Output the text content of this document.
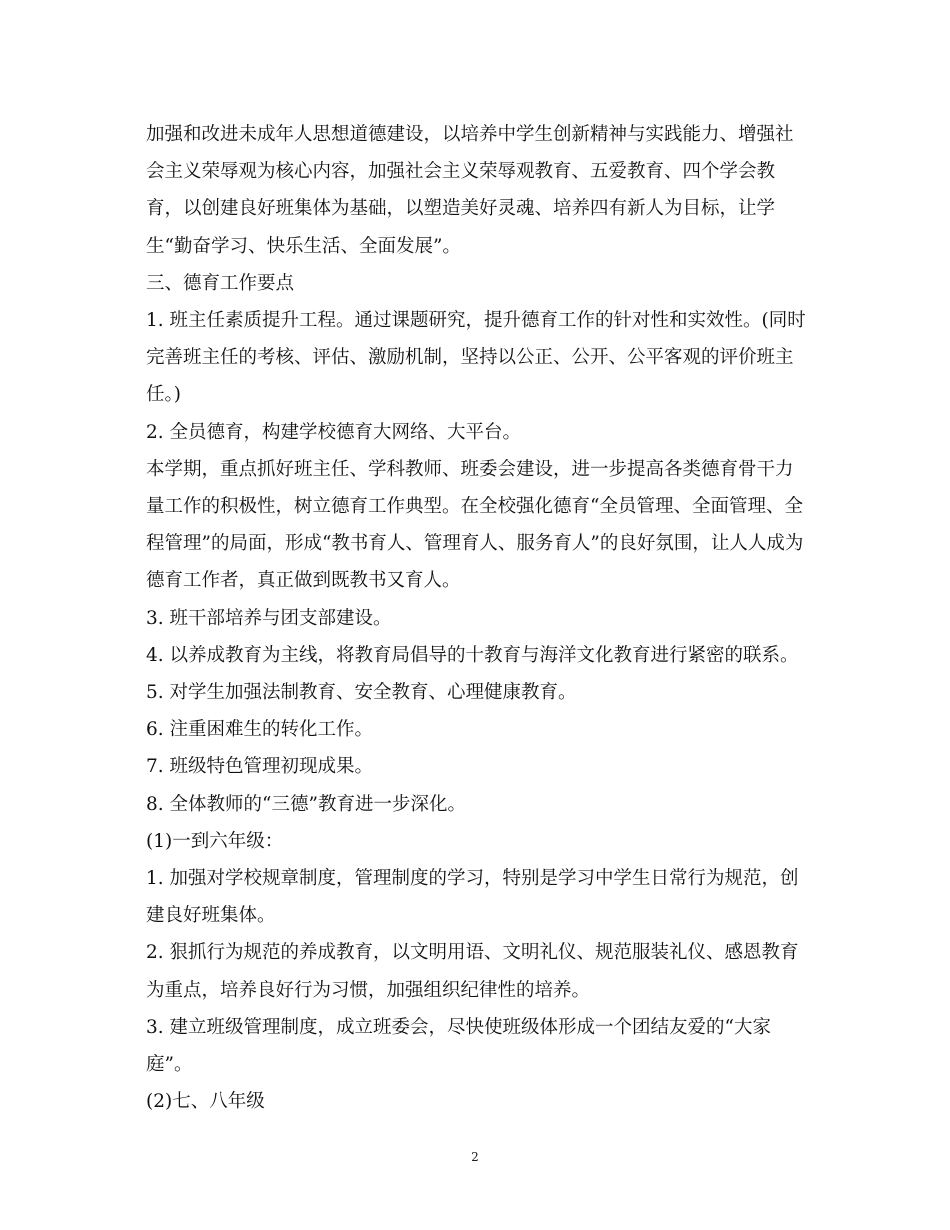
加强和改进未成年人思想道德建设，以培养中学生创新精神与实践能力、增强社会主义荣辱观为核心内容，加强社会主义荣辱观教育、五爱教育、四个学会教育，以创建良好班集体为基础，以塑造美好灵魂、培养四有新人为目标，让学生“勤奋学习、快乐生活、全面发展”。

三、德育工作要点

1. 班主任素质提升工程。通过课题研究，提升德育工作的针对性和实效性。(同时完善班主任的考核、评估、激励机制，坚持以公正、公开、公平客观的评价班主任。)

2. 全员德育，构建学校德育大网络、大平台。

本学期，重点抓好班主任、学科教师、班委会建设，进一步提高各类德育骨干力量工作的积极性，树立德育工作典型。在全校强化德育“全员管理、全面管理、全程管理”的局面，形成“教书育人、管理育人、服务育人”的良好氛围，让人人成为德育工作者，真正做到既教书又育人。

3. 班干部培养与团支部建设。

4. 以养成教育为主线，将教育局倡导的十教育与海洋文化教育进行紧密的联系。

5. 对学生加强法制教育、安全教育、心理健康教育。

6. 注重困难生的转化工作。

7. 班级特色管理初现成果。

8. 全体教师的“三德”教育进一步深化。

(1)一到六年级：

1. 加强对学校规章制度，管理制度的学习，特别是学习中学生日常行为规范，创建良好班集体。

2. 狠抓行为规范的养成教育，以文明用语、文明礼仪、规范服装礼仪、感恩教育为重点，培养良好行为习惯，加强组织纪律性的培养。

3. 建立班级管理制度，成立班委会，尽快使班级体形成一个团结友爱的“大家庭”。

(2)七、八年级

2
